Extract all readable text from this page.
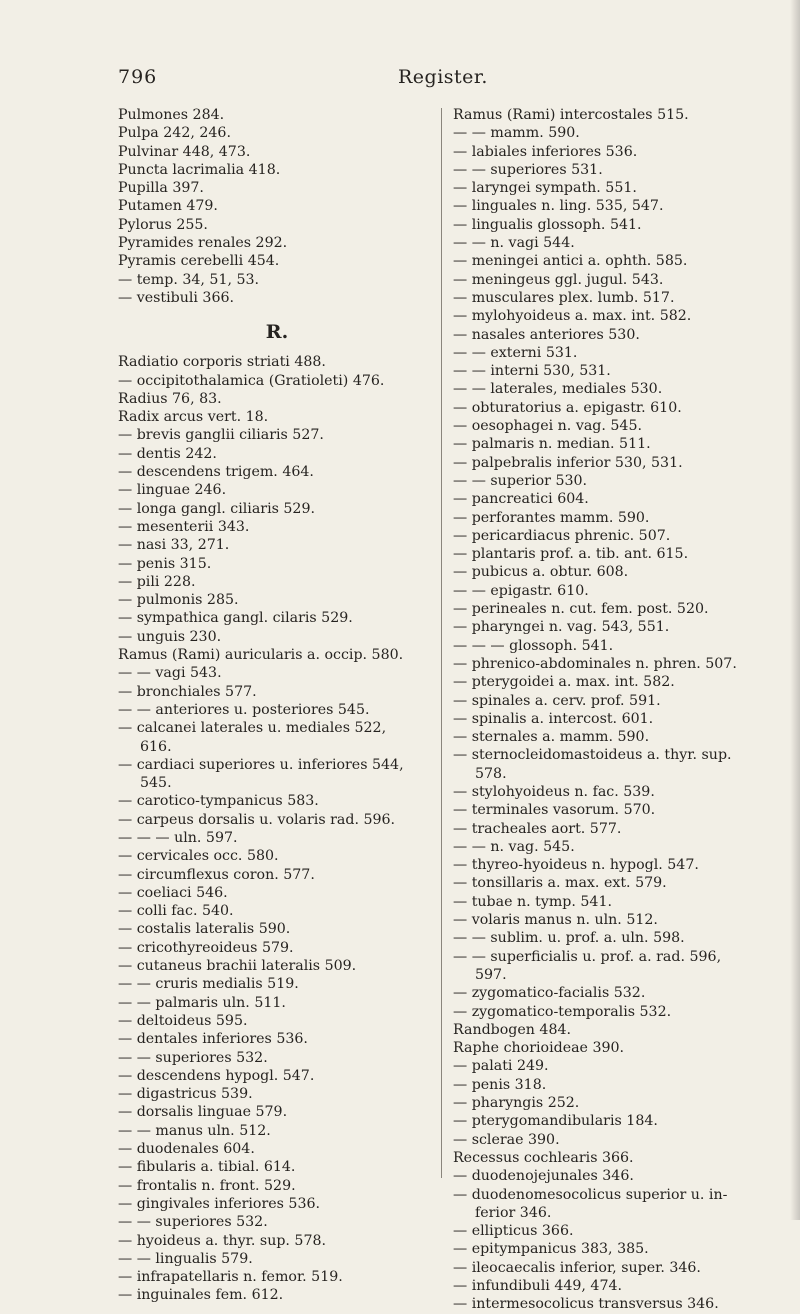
796	Register.
Pulmones 284.
Pulpa 242, 246.
Pulvinar 448, 473.
Puncta lacrimalia 418.
Pupilla 397.
Putamen 479.
Pylorus 255.
Pyramides renales 292.
Pyramis cerebelli 454.
— temp. 34, 51, 53.
— vestibuli 366.
R.
Radiatio corporis striati 488.
— occipitothalamica (Gratioleti) 476.
Radius 76, 83.
Radix arcus vert. 18.
— brevis ganglii ciliaris 527.
— dentis 242.
— descendens trigem. 464.
— linguae 246.
— longa gangl. ciliaris 529.
— mesenterii 343.
— nasi 33, 271.
— penis 315.
— pili 228.
— pulmonis 285.
— sympathica gangl. cilaris 529.
— unguis 230.
Ramus (Rami) auricularis a. occip. 580.
— — vagi 543.
— bronchiales 577.
— — anteriores u. posteriores 545.
— calcanei laterales u. mediales 522,
616.
— cardiaci superiores u. inferiores 544,
545.
— carotico-tympanicus 583.
— carpeus dorsalis u. volaris rad. 596.
— — — uln. 597.
— cervicales occ. 580.
— circumflexus coron. 577.
— coeliaci 546.
— colli fac. 540.
— costalis lateralis 590.
— cricothyreoideus 579.
— cutaneus brachii lateralis 509.
— — cruris medialis 519.
— — palmaris uln. 511.
— deltoideus 595.
— dentales inferiores 536.
— — superiores 532.
— descendens hypogl. 547.
— digastricus 539.
— dorsalis linguae 579.
— — manus uln. 512.
— duodenales 604.
— fibularis a. tibial. 614.
— frontalis n. front. 529.
— gingivales inferiores 536.
— — superiores 532.
— hyoideus a. thyr. sup. 578.
— — lingualis 579.
— infrapatellaris n. femor. 519.
— inguinales fem. 612.
Ramus (Rami) intercostales 515.
— — mamm. 590.
— labiales inferiores 536.
— — superiores 531.
— laryngei sympath. 551.
— linguales n. ling. 535, 547.
— lingualis glossoph. 541.
— — n. vagi 544.
— meningei antici a. ophth. 585.
— meningeus ggl. jugul. 543.
— musculares plex. lumb. 517.
— mylohyoideus a. max. int. 582.
— nasales anteriores 530.
— — externi 531.
— — interni 530, 531.
— — laterales, mediales 530.
— obturatorius a. epigastr. 610.
— oesophagei n. vag. 545.
— palmaris n. median. 511.
— palpebralis inferior 530, 531.
— — superior 530.
— pancreatici 604.
— perforantes mamm. 590.
— pericardiacus phrenic. 507.
— plantaris prof. a. tib. ant. 615.
— pubicus a. obtur. 608.
— — epigastr. 610.
— perineales n. cut. fem. post. 520.
— pharyngei n. vag. 543, 551.
— — — glossoph. 541.
— phrenico-abdominales n. phren. 507.
— pterygoidei a. max. int. 582.
— spinales a. cerv. prof. 591.
— spinalis a. intercost. 601.
— sternales a. mamm. 590.
— sternocleidomastoideus a. thyr. sup.
578.
— stylohyoideus n. fac. 539.
— terminales vasorum. 570.
— tracheales aort. 577.
— — n. vag. 545.
— thyreo-hyoideus n. hypogl. 547.
— tonsillaris a. max. ext. 579.
— tubae n. tymp. 541.
— volaris manus n. uln. 512.
— — sublim. u. prof. a. uln. 598.
— — superficialis u. prof. a. rad. 596,
597.
— zygomatico-facialis 532.
— zygomatico-temporalis 532.
Randbogen 484.
Raphe chorioideae 390.
— palati 249.
— penis 318.
— pharyngis 252.
— pterygomandibularis 184.
— sclerae 390.
Recessus cochlearis 366.
— duodenojejunales 346.
— duodenomesocolicus superior u. in-
ferior 346.
— ellipticus 366.
— epitympanicus 383, 385.
— ileocaecalis inferior, super. 346.
— infundibuli 449, 474.
— intermesocolicus transversus 346.
